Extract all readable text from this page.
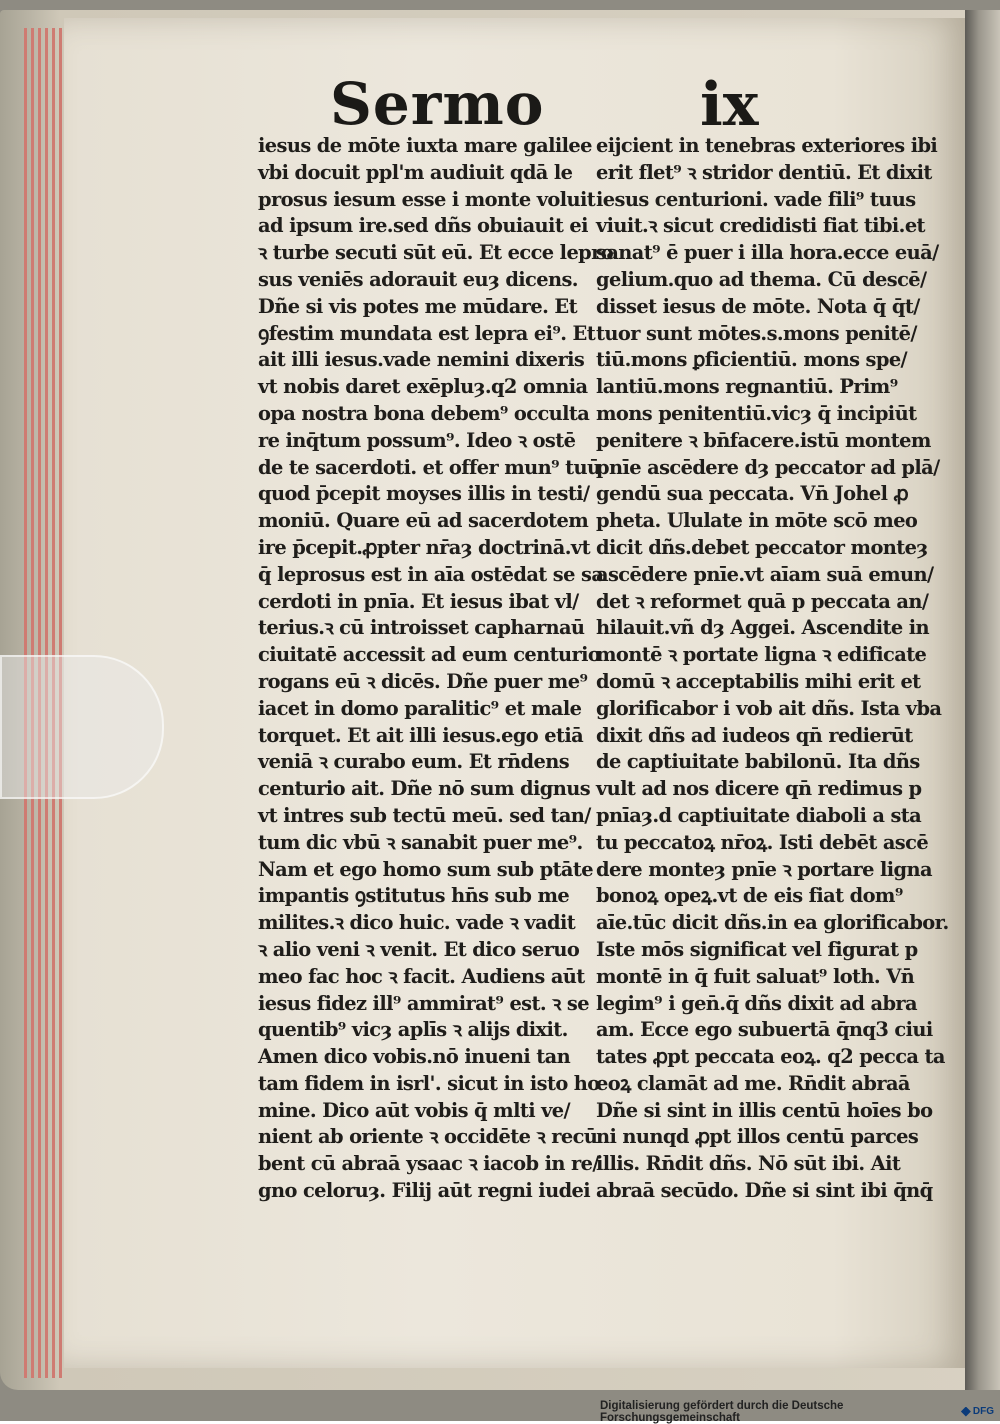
Sermo	ix
iesus de mōte iuxta mare galilee
vbi docuit ppl'm audiuit qdā le
prosus iesum esse i monte voluit
ad ipsum ire.sed dñs obuiauit ei
ꝛ turbe secuti sūt eū. Et ecce lepro
sus veniēs adorauit euȝ dicens.
Dñe si vis potes me mūdare. Et
ꝯfestim mundata est lepra ei⁹. Et
ait illi iesus.vade nemini dixeris
vt nobis daret exēpluȝ.q2 omnia
opa nostra bona debem⁹ occulta
re inq̄tum possum⁹. Ideo ꝛ ostē
de te sacerdoti. et offer mun⁹ tuū
quod p̄cepit moyses illis in testi/
moniū. Quare eū ad sacerdotem
ire p̄cepit.ꝓpter nr̄aȝ doctrinā.vt
q̄ leprosus est in aīa ostēdat se sa
cerdoti in pnīa. Et iesus ibat vl/
terius.ꝛ cū introisset capharnaū
ciuitatē accessit ad eum centurio
rogans eū ꝛ dicēs. Dñe puer me⁹
iacet in domo paralitic⁹ et male
torquet. Et ait illi iesus.ego etiā
veniā ꝛ curabo eum. Et rn̄dens
centurio ait. Dñe nō sum dignus
vt intres sub tectū meū. sed tan/
tum dic vbū ꝛ sanabit puer me⁹.
Nam et ego homo sum sub ptāte
impantis ꝯstitutus hn̄s sub me
milites.ꝛ dico huic. vade ꝛ vadit
ꝛ alio veni ꝛ venit. Et dico seruo
meo fac hoc ꝛ facit. Audiens aūt
iesus fidez ill⁹ ammirat⁹ est. ꝛ se
quentib⁹ vicȝ aplīs ꝛ alijs dixit.
Amen dico vobis.nō inueni tan
tam fidem in isrl'. sicut in isto ho
mine. Dico aūt vobis q̄ mlti ve/
nient ab oriente ꝛ occidēte ꝛ recū
bent cū abraā ysaac ꝛ iacob in re/
gno celoruȝ. Filij aūt regni iudei
eijcient in tenebras exteriores ibi
erit flet⁹ ꝛ stridor dentiū. Et dixit
iesus centurioni. vade fili⁹ tuus
viuit.ꝛ sicut credidisti fiat tibi.et
sanat⁹ ē puer i illa hora.ecce euā/
gelium.quo ad thema. Cū descē/
disset iesus de mōte. Nota q̄ q̄t/
tuor sunt mōtes.s.mons penitē/
tiū.mons ꝑficientiū. mons spe/
lantiū.mons regnantiū. Prim⁹
mons penitentiū.vicȝ q̄ incipiūt
penitere ꝛ bn̄facere.istū montem
pnīe ascēdere dȝ peccator ad plā/
gendū sua peccata. Vn̄ Johel ꝓ
pheta. Ululate in mōte scō meo
dicit dñs.debet peccator monteȝ
ascēdere pnīe.vt aīam suā emun/
det ꝛ reformet quā p peccata an/
hilauit.vñ dȝ Aggei. Ascendite in
montē ꝛ portate ligna ꝛ edificate
domū ꝛ acceptabilis mihi erit et
glorificabor i vob ait dñs. Ista vba
dixit dñs ad iudeos qn̄ redierūt
de captiuitate babilonū. Ita dñs
vult ad nos dicere qn̄ redimus p
pnīaȝ.d captiuitate diaboli a sta
tu peccatoꝝ nr̄oꝝ. Isti debēt ascē
dere monteȝ pnīe ꝛ portare ligna
bonoꝝ opeꝝ.vt de eis fiat dom⁹
aīe.tūc dicit dñs.in ea glorificabor.
Iste mōs significat vel figurat p
montē in q̄ fuit saluat⁹ loth. Vn̄
legim⁹ i gen̄.q̄ dñs dixit ad abra
am. Ecce ego subuertā q̄nq3 ciui
tates ꝓpt peccata eoꝝ. q2 pecca ta
eoꝝ clamāt ad me. Rn̄dit abraā
Dñe si sint in illis centū hoīes bo
ni nunqd ꝓpt illos centū parces
illis. Rn̄dit dñs. Nō sūt ibi. Ait
abraā secūdo. Dñe si sint ibi q̄nq̄
Digitalisierung gefördert durch die Deutsche Forschungsgemeinschaft	DFG
